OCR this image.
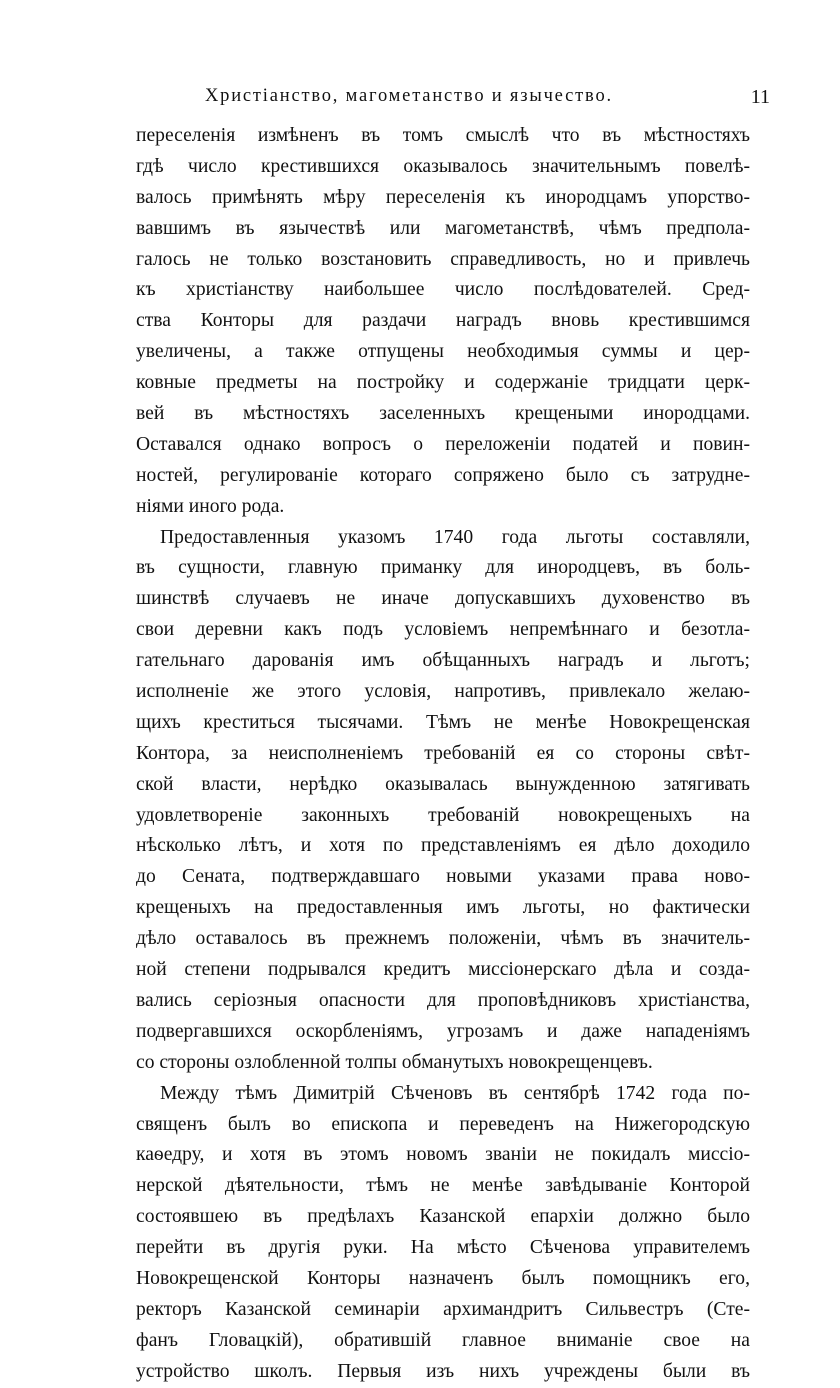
Христіанство, магометанство и язычество.	11
переселенія измѣненъ въ томъ смыслѣ что въ мѣстностяхъ
гдѣ число крестившихся оказывалось значительнымъ повелѣ-
валось примѣнять мѣру переселенія къ инородцамъ упорство-
вавшимъ въ язычествѣ или магометанствѣ, чѣмъ предпола-
галось не только возстановить справедливость, но и привлечь
къ христіанству наибольшее число послѣдователей. Сред-
ства Конторы для раздачи наградъ вновь крестившимся
увеличены, а также отпущены необходимыя суммы и цер-
ковные предметы на постройку и содержаніе тридцати церк-
вей въ мѣстностяхъ заселенныхъ крещеными инородцами.
Оставался однако вопросъ о переложеніи податей и повин-
ностей, регулированіе котораго сопряжено было съ затрудне-
ніями иного рода.
Предоставленныя указомъ 1740 года льготы составляли,
въ сущности, главную приманку для инородцевъ, въ боль-
шинствѣ случаевъ не иначе допускавшихъ духовенство въ
свои деревни какъ подъ условіемъ непремѣннаго и безотла-
гательнаго дарованія имъ обѣщанныхъ наградъ и льготъ;
исполненіе же этого условія, напротивъ, привлекало желаю-
щихъ креститься тысячами. Тѣмъ не менѣе Новокрещенская
Контора, за неисполненіемъ требованій ея со стороны свѣт-
ской власти, нерѣдко оказывалась вынужденною затягивать
удовлетвореніе законныхъ требованій новокрещеныхъ на
нѣсколько лѣтъ, и хотя по представленіямъ ея дѣло доходило
до Сената, подтверждавшаго новыми указами права ново-
крещеныхъ на предоставленныя имъ льготы, но фактически
дѣло оставалось въ прежнемъ положеніи, чѣмъ въ значитель-
ной степени подрывался кредитъ миссіонерскаго дѣла и созда-
вались серіозныя опасности для проповѣдниковъ христіанства,
подвергавшихся оскорбленіямъ, угрозамъ и даже нападеніямъ
со стороны озлобленной толпы обманутыхъ новокрещенцевъ.
Между тѣмъ Димитрій Сѣченовъ въ сентябрѣ 1742 года по-
священъ былъ во епископа и переведенъ на Нижегородскую
каѳедру, и хотя въ этомъ новомъ званіи не покидалъ миссіо-
нерской дѣятельности, тѣмъ не менѣе завѣдываніе Конторой
состоявшею въ предѣлахъ Казанской епархіи должно было
перейти въ другія руки. На мѣсто Сѣченова управителемъ
Новокрещенской Конторы назначенъ былъ помощникъ его,
ректоръ Казанской семинаріи архимандритъ Сильвестръ (Сте-
фанъ Гловацкій), обратившій главное вниманіе свое на
устройство школъ. Первыя изъ нихъ учреждены были въ
